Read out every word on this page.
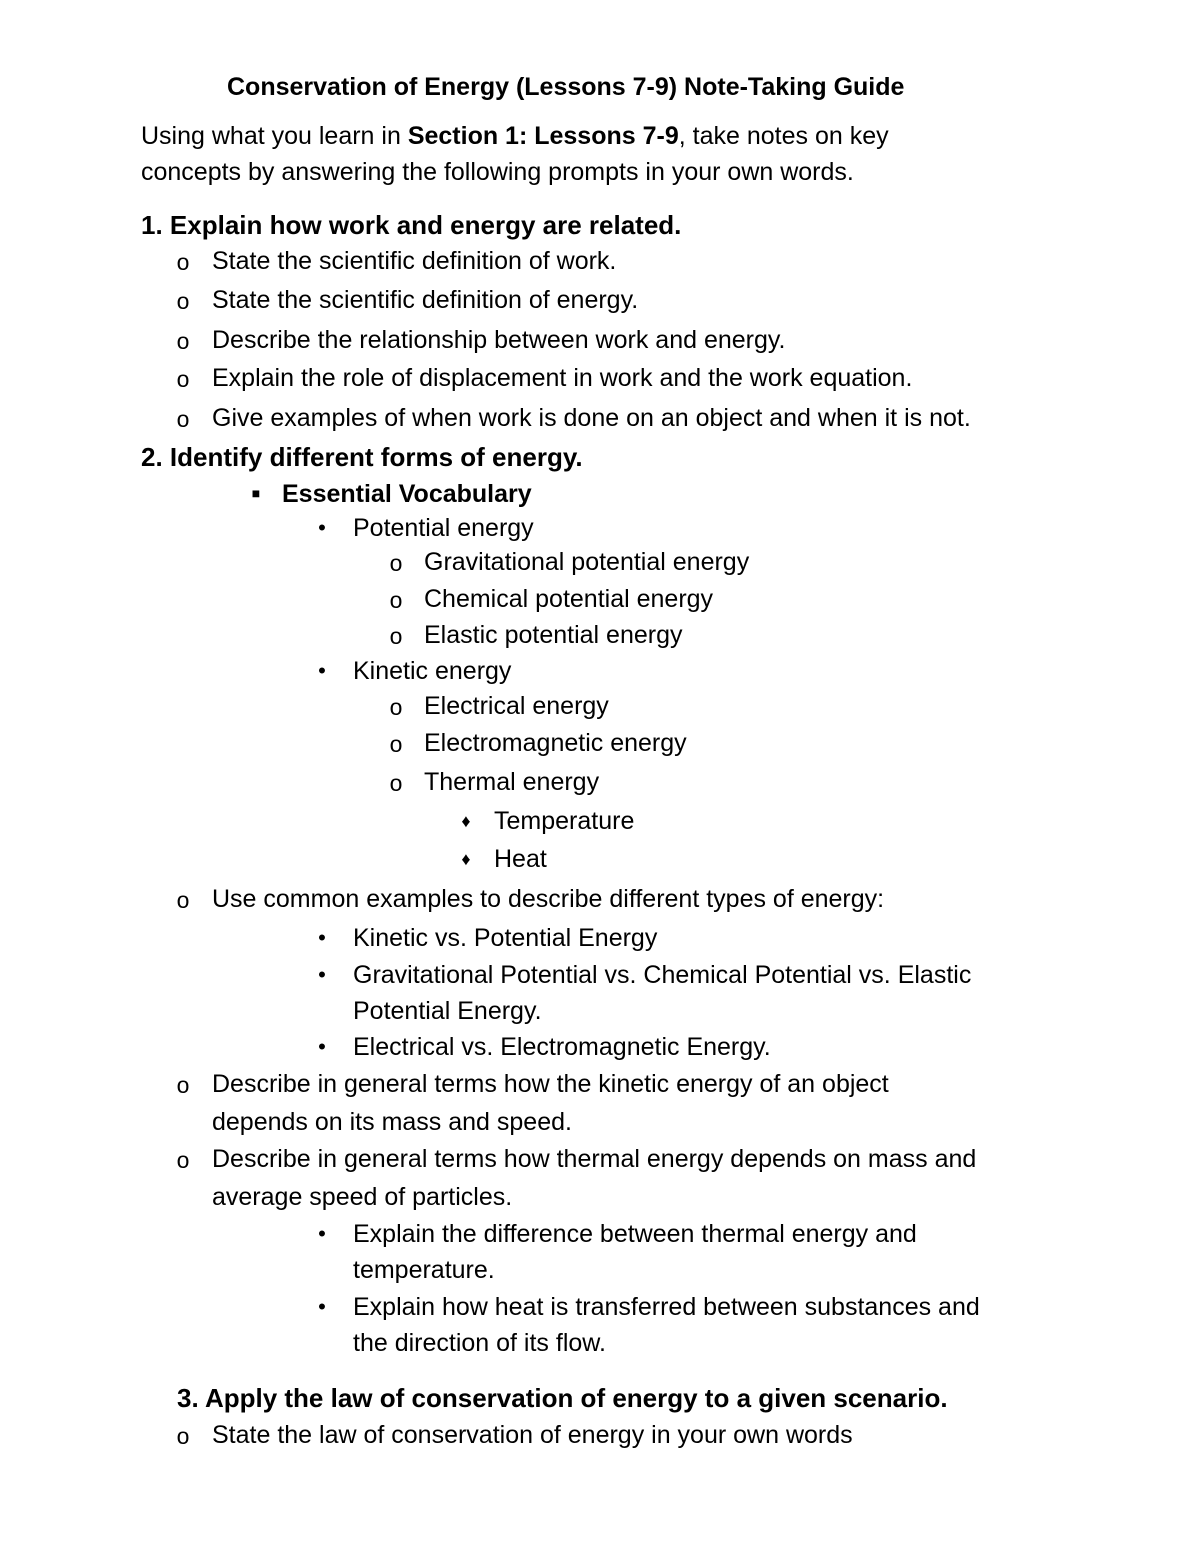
Conservation of Energy (Lessons 7-9) Note-Taking Guide
Using what you learn in Section 1: Lessons 7-9, take notes on key
concepts by answering the following prompts in your own words.
1. Explain how work and energy are related.
o State the scientific definition of work.
o State the scientific definition of energy.
o Describe the relationship between work and energy.
o Explain the role of displacement in work and the work equation.
o Give examples of when work is done on an object and when it is not.
2. Identify different forms of energy.
■ Essential Vocabulary
• Potential energy
o Gravitational potential energy
o Chemical potential energy
o Elastic potential energy
• Kinetic energy
o Electrical energy
o Electromagnetic energy
o Thermal energy
♦ Temperature
♦ Heat
o Use common examples to describe different types of energy:
• Kinetic vs. Potential Energy
• Gravitational Potential vs. Chemical Potential vs. Elastic
Potential Energy.
• Electrical vs. Electromagnetic Energy.
o Describe in general terms how the kinetic energy of an object
depends on its mass and speed.
o Describe in general terms how thermal energy depends on mass and
average speed of particles.
• Explain the difference between thermal energy and
temperature.
• Explain how heat is transferred between substances and
the direction of its flow.
3. Apply the law of conservation of energy to a given scenario.
o State the law of conservation of energy in your own words
